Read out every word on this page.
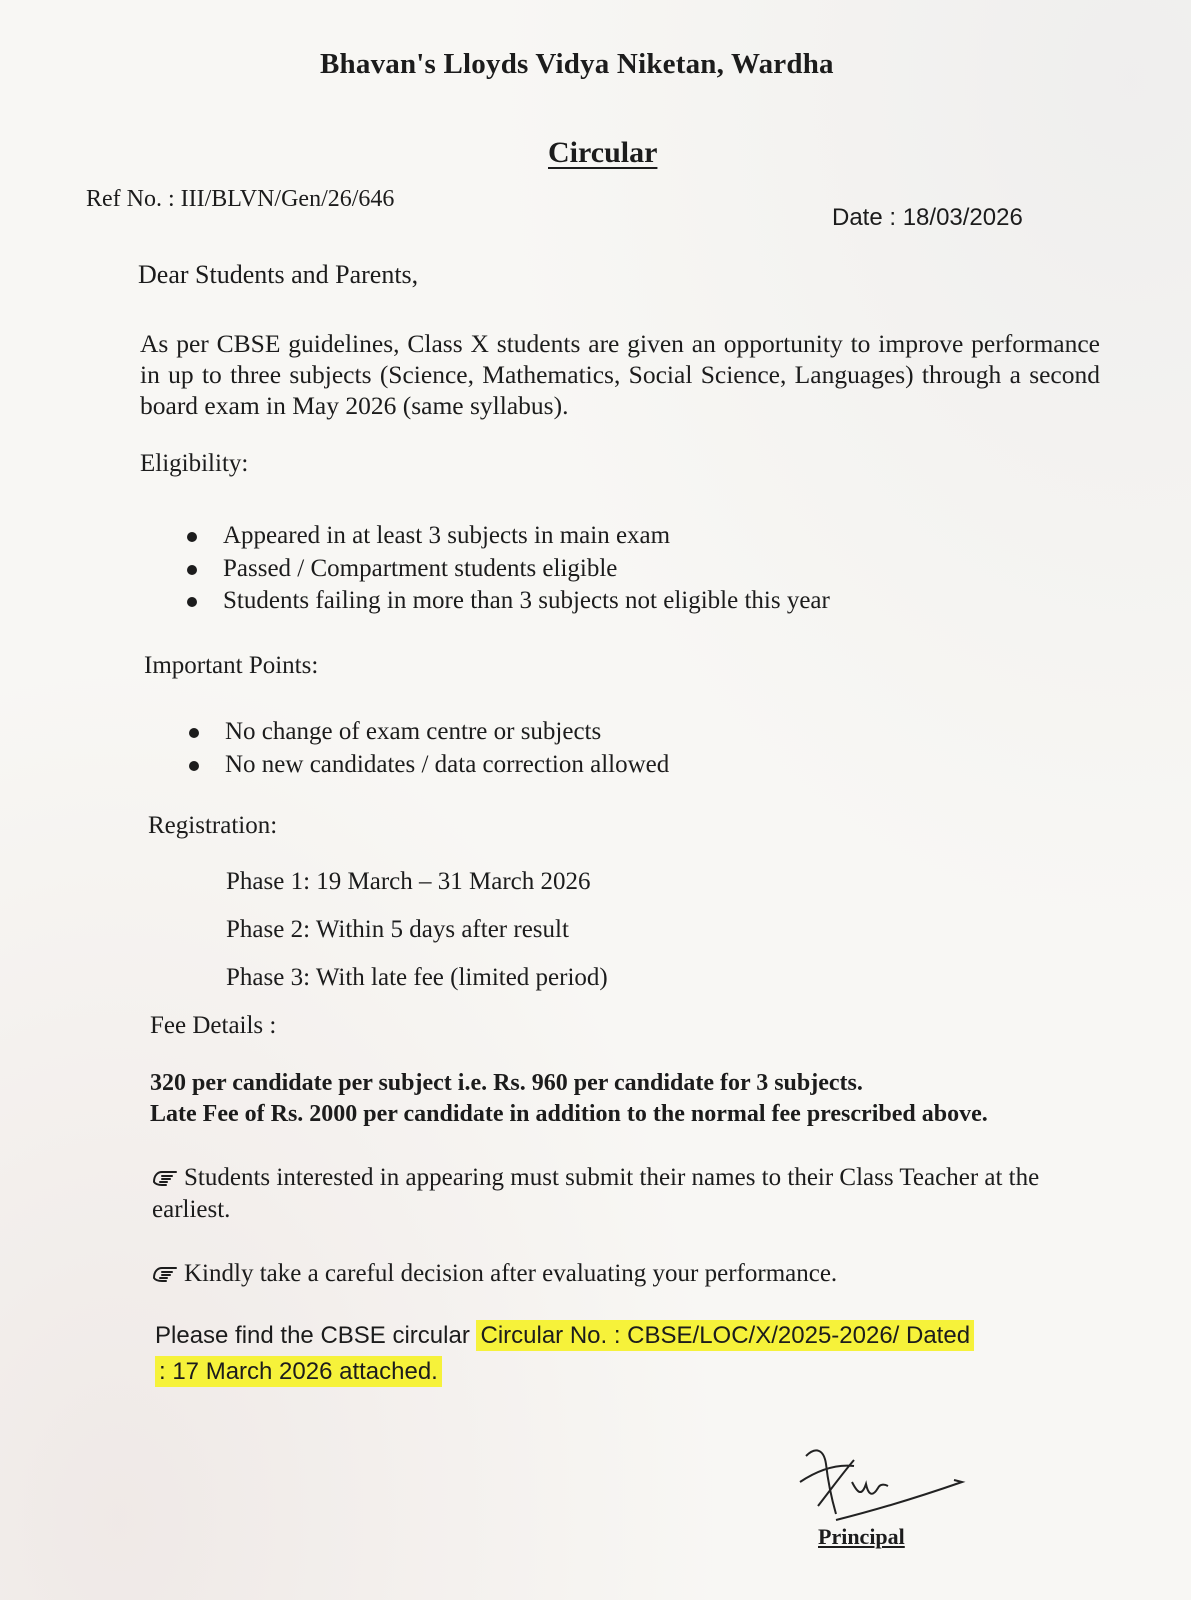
Bhavan's Lloyds Vidya Niketan, Wardha
Circular

Ref No. : III/BLVN/Gen/26/646

Date : 18/03/2026

Dear Students and Parents,

As per CBSE guidelines, Class X students are given an opportunity to improve performance in up to three subjects (Science, Mathematics, Social Science, Languages) through a second board exam in May 2026 (same syllabus).

Eligibility:

Appeared in at least 3 subjects in main exam
Passed / Compartment students eligible
Students failing in more than 3 subjects not eligible this year

Important Points:

No change of exam centre or subjects
No new candidates / data correction allowed

Registration:

Phase 1: 19 March – 31 March 2026

Phase 2: Within 5 days after result

Phase 3: With late fee (limited period)

Fee Details :

320 per candidate per subject i.e. Rs. 960 per candidate for 3 subjects.
Late Fee of Rs. 2000 per candidate in addition to the normal fee prescribed above.

Students interested in appearing must submit their names to their Class Teacher at the earliest.

Kindly take a careful decision after evaluating your performance.

Please find the CBSE circular Circular No. : CBSE/LOC/X/2025-2026/ Dated : 17 March 2026 attached.

Principal
